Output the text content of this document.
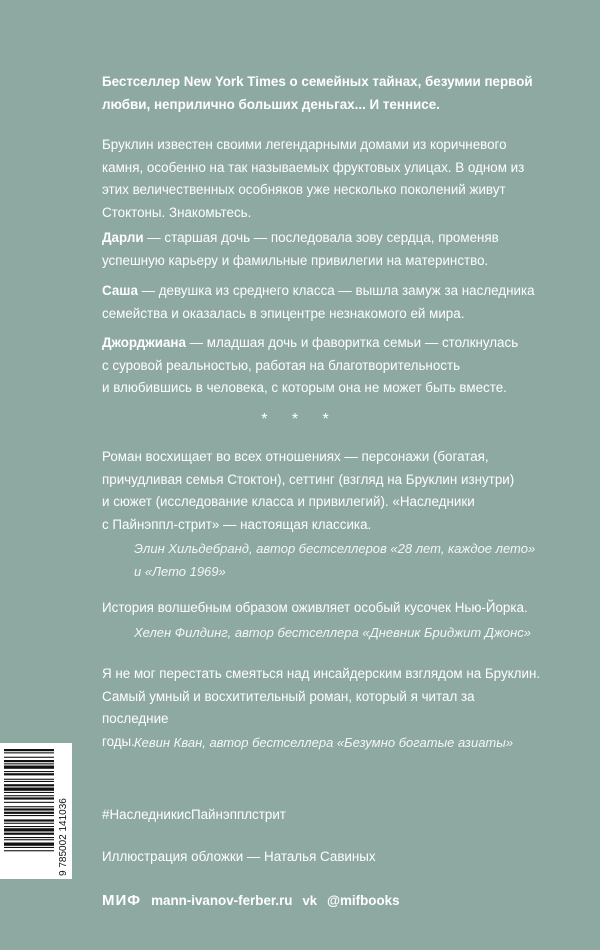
Бестселлер New York Times о семейных тайнах, безумии первой
любви, неприлично больших деньгах... И теннисе.
Бруклин известен своими легендарными домами из коричневого
камня, особенно на так называемых фруктовых улицах. В одном из
этих величественных особняков уже несколько поколений живут
Стоктоны. Знакомьтесь.
Дарли — старшая дочь — последовала зову сердца, променяв
успешную карьеру и фамильные привилегии на материнство.
Саша — девушка из среднего класса — вышла замуж за наследника
семейства и оказалась в эпицентре незнакомого ей мира.
Джорджиана — младшая дочь и фаворитка семьи — столкнулась
с суровой реальностью, работая на благотворительность
и влюбившись в человека, с которым она не может быть вместе.
* * *
Роман восхищает во всех отношениях — персонажи (богатая,
причудливая семья Стоктон), сеттинг (взгляд на Бруклин изнутри)
и сюжет (исследование класса и привилегий). «Наследники
с Пайнэппл-стрит» — настоящая классика.
Элин Хильдебранд, автор бестселлеров «28 лет, каждое лето»
и «Лето 1969»
История волшебным образом оживляет особый кусочек Нью-Йорка.
Хелен Филдинг, автор бестселлера «Дневник Бриджит Джонс»
Я не мог перестать смеяться над инсайдерским взглядом на Бруклин.
Самый умный и восхитительный роман, который я читал за последние
годы. Кевин Кван, автор бестселлера «Безумно богатые азиаты»
#НаследникисПайнэпплстрит
Иллюстрация обложки — Наталья Савиных
9 785002 141036
МИФ mann-ivanov-ferber.ru vk @mifbooks
